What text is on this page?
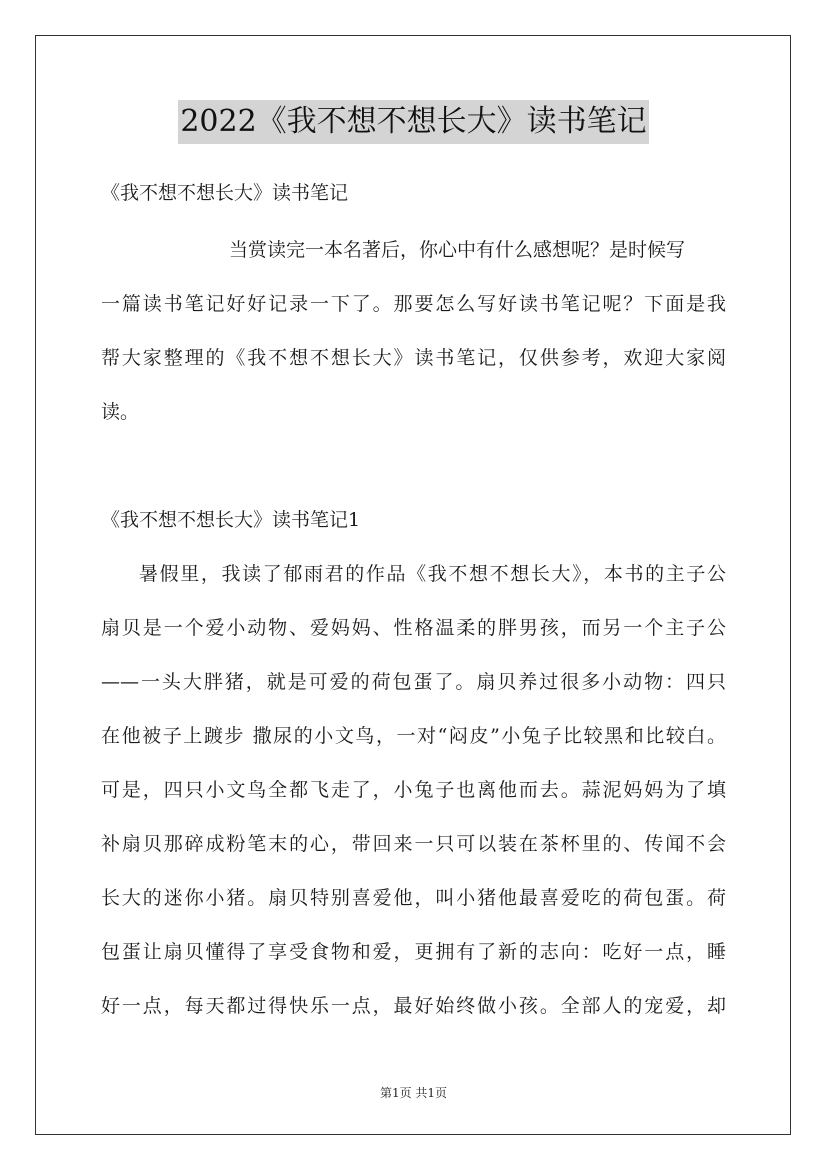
2022《我不想不想长大》读书笔记
《我不想不想长大》读书笔记
当赏读完一本名著后，你心中有什么感想呢？是时候写
一篇读书笔记好好记录一下了。那要怎么写好读书笔记呢？下面是我
帮大家整理的《我不想不想长大》读书笔记，仅供参考，欢迎大家阅
读。
《我不想不想长大》读书笔记1
暑假里，我读了郁雨君的作品《我不想不想长大》，本书的主子公
扇贝是一个爱小动物、爱妈妈、性格温柔的胖男孩，而另一个主子公
——一头大胖猪，就是可爱的荷包蛋了。扇贝养过很多小动物：四只
在他被子上踱步 撒尿的小文鸟，一对“闷皮”小兔子比较黑和比较白。
可是，四只小文鸟全都飞走了，小兔子也离他而去。蒜泥妈妈为了填
补扇贝那碎成粉笔末的心，带回来一只可以装在茶杯里的、传闻不会
长大的迷你小猪。扇贝特别喜爱他，叫小猪他最喜爱吃的荷包蛋。荷
包蛋让扇贝懂得了享受食物和爱，更拥有了新的志向：吃好一点，睡
好一点，每天都过得快乐一点，最好始终做小孩。全部人的宠爱，却
第1页 共1页
